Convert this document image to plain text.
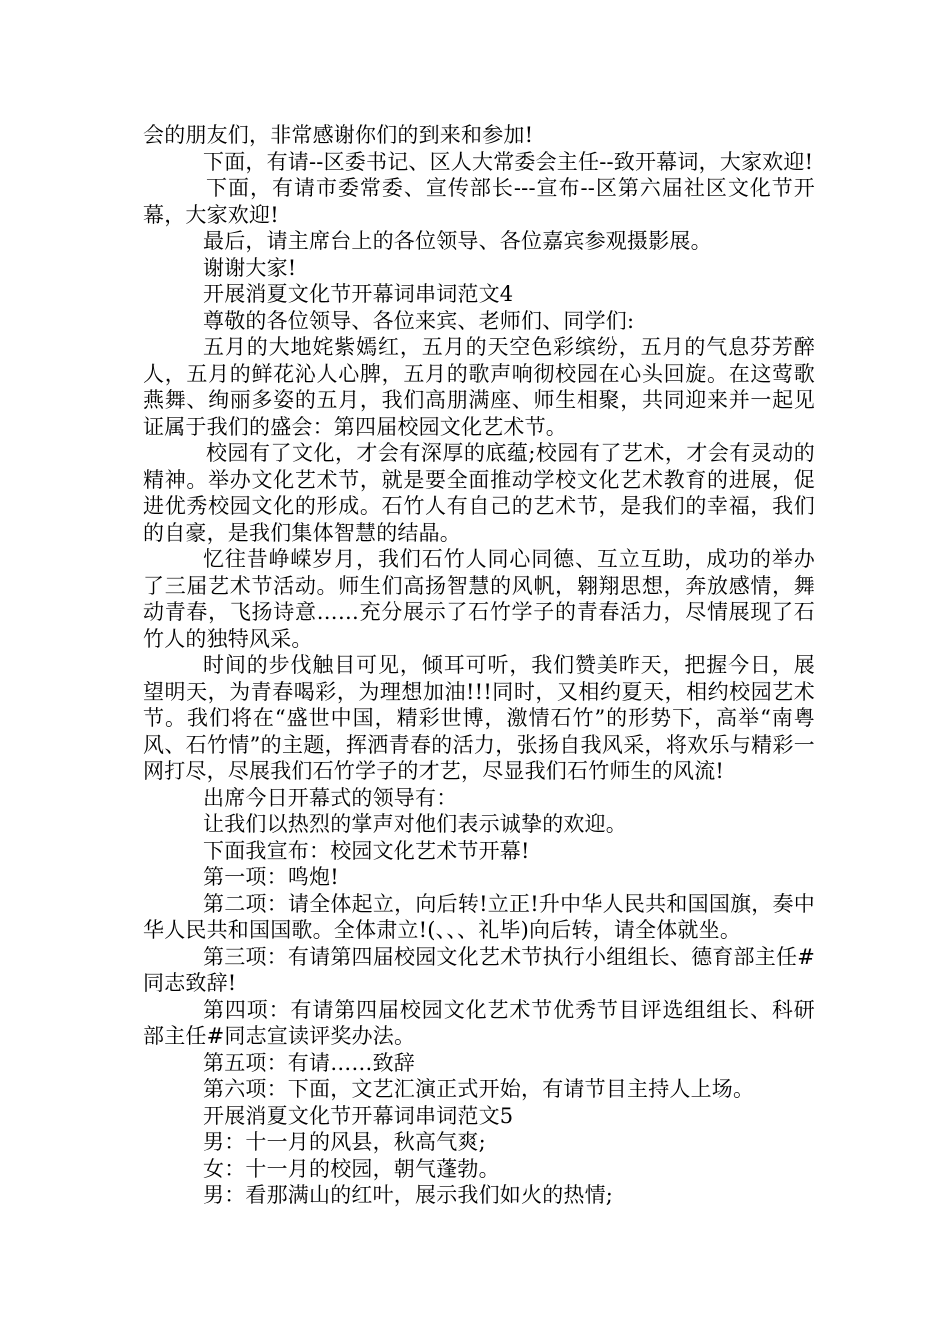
会的朋友们，非常感谢你们的到来和参加!

下面，有请--区委书记、区人大常委会主任--致开幕词，大家欢迎!

下面，有请市委常委、宣传部长---宣布--区第六届社区文化节开幕，大家欢迎!

最后，请主席台上的各位领导、各位嘉宾参观摄影展。

谢谢大家!

开展消夏文化节开幕词串词范文4

尊敬的各位领导、各位来宾、老师们、同学们:

五月的大地姹紫嫣红，五月的天空色彩缤纷，五月的气息芬芳醉人，五月的鲜花沁人心脾，五月的歌声响彻校园在心头回旋。在这莺歌燕舞、绚丽多姿的五月，我们高朋满座、师生相聚，共同迎来并一起见证属于我们的盛会：第四届校园文化艺术节。

校园有了文化，才会有深厚的底蕴;校园有了艺术，才会有灵动的精神。举办文化艺术节，就是要全面推动学校文化艺术教育的进展，促进优秀校园文化的形成。石竹人有自己的艺术节，是我们的幸福，我们的自豪，是我们集体智慧的结晶。

忆往昔峥嵘岁月，我们石竹人同心同德、互立互助，成功的举办了三届艺术节活动。师生们高扬智慧的风帆，翱翔思想，奔放感情，舞动青春，飞扬诗意……充分展示了石竹学子的青春活力，尽情展现了石竹人的独特风采。

时间的步伐触目可见，倾耳可听，我们赞美昨天，把握今日，展望明天，为青春喝彩，为理想加油!!!同时，又相约夏天，相约校园艺术节。我们将在“盛世中国，精彩世博，激情石竹”的形势下，高举“南粤风、石竹情”的主题，挥洒青春的活力，张扬自我风采，将欢乐与精彩一网打尽，尽展我们石竹学子的才艺，尽显我们石竹师生的风流!

出席今日开幕式的领导有：

让我们以热烈的掌声对他们表示诚挚的欢迎。

下面我宣布：校园文化艺术节开幕!

第一项：鸣炮!

第二项：请全体起立，向后转!立正!升中华人民共和国国旗，奏中华人民共和国国歌。全体肃立!(、、、礼毕)向后转，请全体就坐。

第三项：有请第四届校园文化艺术节执行小组组长、德育部主任#同志致辞!

第四项：有请第四届校园文化艺术节优秀节目评选组组长、科研部主任#同志宣读评奖办法。

第五项：有请……致辞

第六项：下面，文艺汇演正式开始，有请节目主持人上场。

开展消夏文化节开幕词串词范文5

男：十一月的风县，秋高气爽;

女：十一月的校园，朝气蓬勃。

男：看那满山的红叶，展示我们如火的热情;
